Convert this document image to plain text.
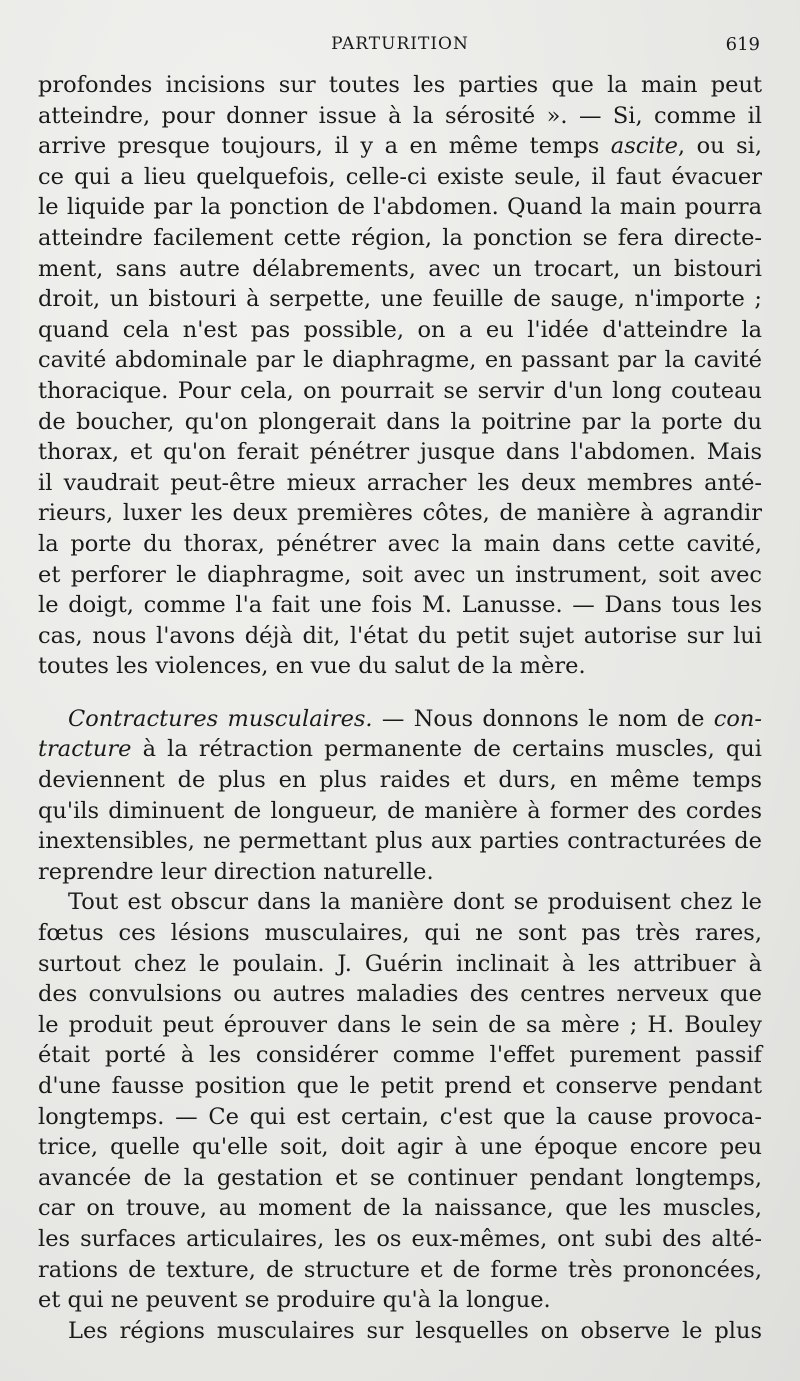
PARTURITION	619
profondes incisions sur toutes les parties que la main peut
atteindre, pour donner issue à la sérosité ». — Si, comme il
arrive presque toujours, il y a en même temps ascite, ou si,
ce qui a lieu quelquefois, celle-ci existe seule, il faut évacuer
le liquide par la ponction de l'abdomen. Quand la main pourra
atteindre facilement cette région, la ponction se fera directe-
ment, sans autre délabrements, avec un trocart, un bistouri
droit, un bistouri à serpette, une feuille de sauge, n'importe ;
quand cela n'est pas possible, on a eu l'idée d'atteindre la
cavité abdominale par le diaphragme, en passant par la cavité
thoracique. Pour cela, on pourrait se servir d'un long couteau
de boucher, qu'on plongerait dans la poitrine par la porte du
thorax, et qu'on ferait pénétrer jusque dans l'abdomen. Mais
il vaudrait peut-être mieux arracher les deux membres anté-
rieurs, luxer les deux premières côtes, de manière à agrandir
la porte du thorax, pénétrer avec la main dans cette cavité,
et perforer le diaphragme, soit avec un instrument, soit avec
le doigt, comme l'a fait une fois M. Lanusse. — Dans tous les
cas, nous l'avons déjà dit, l'état du petit sujet autorise sur lui
toutes les violences, en vue du salut de la mère.
Contractures musculaires. — Nous donnons le nom de con-
tracture à la rétraction permanente de certains muscles, qui
deviennent de plus en plus raides et durs, en même temps
qu'ils diminuent de longueur, de manière à former des cordes
inextensibles, ne permettant plus aux parties contracturées de
reprendre leur direction naturelle.
Tout est obscur dans la manière dont se produisent chez le
fœtus ces lésions musculaires, qui ne sont pas très rares,
surtout chez le poulain. J. Guérin inclinait à les attribuer à
des convulsions ou autres maladies des centres nerveux que
le produit peut éprouver dans le sein de sa mère ; H. Bouley
était porté à les considérer comme l'effet purement passif
d'une fausse position que le petit prend et conserve pendant
longtemps. — Ce qui est certain, c'est que la cause provoca-
trice, quelle qu'elle soit, doit agir à une époque encore peu
avancée de la gestation et se continuer pendant longtemps,
car on trouve, au moment de la naissance, que les muscles,
les surfaces articulaires, les os eux-mêmes, ont subi des alté-
rations de texture, de structure et de forme très prononcées,
et qui ne peuvent se produire qu'à la longue.
Les régions musculaires sur lesquelles on observe le plus
